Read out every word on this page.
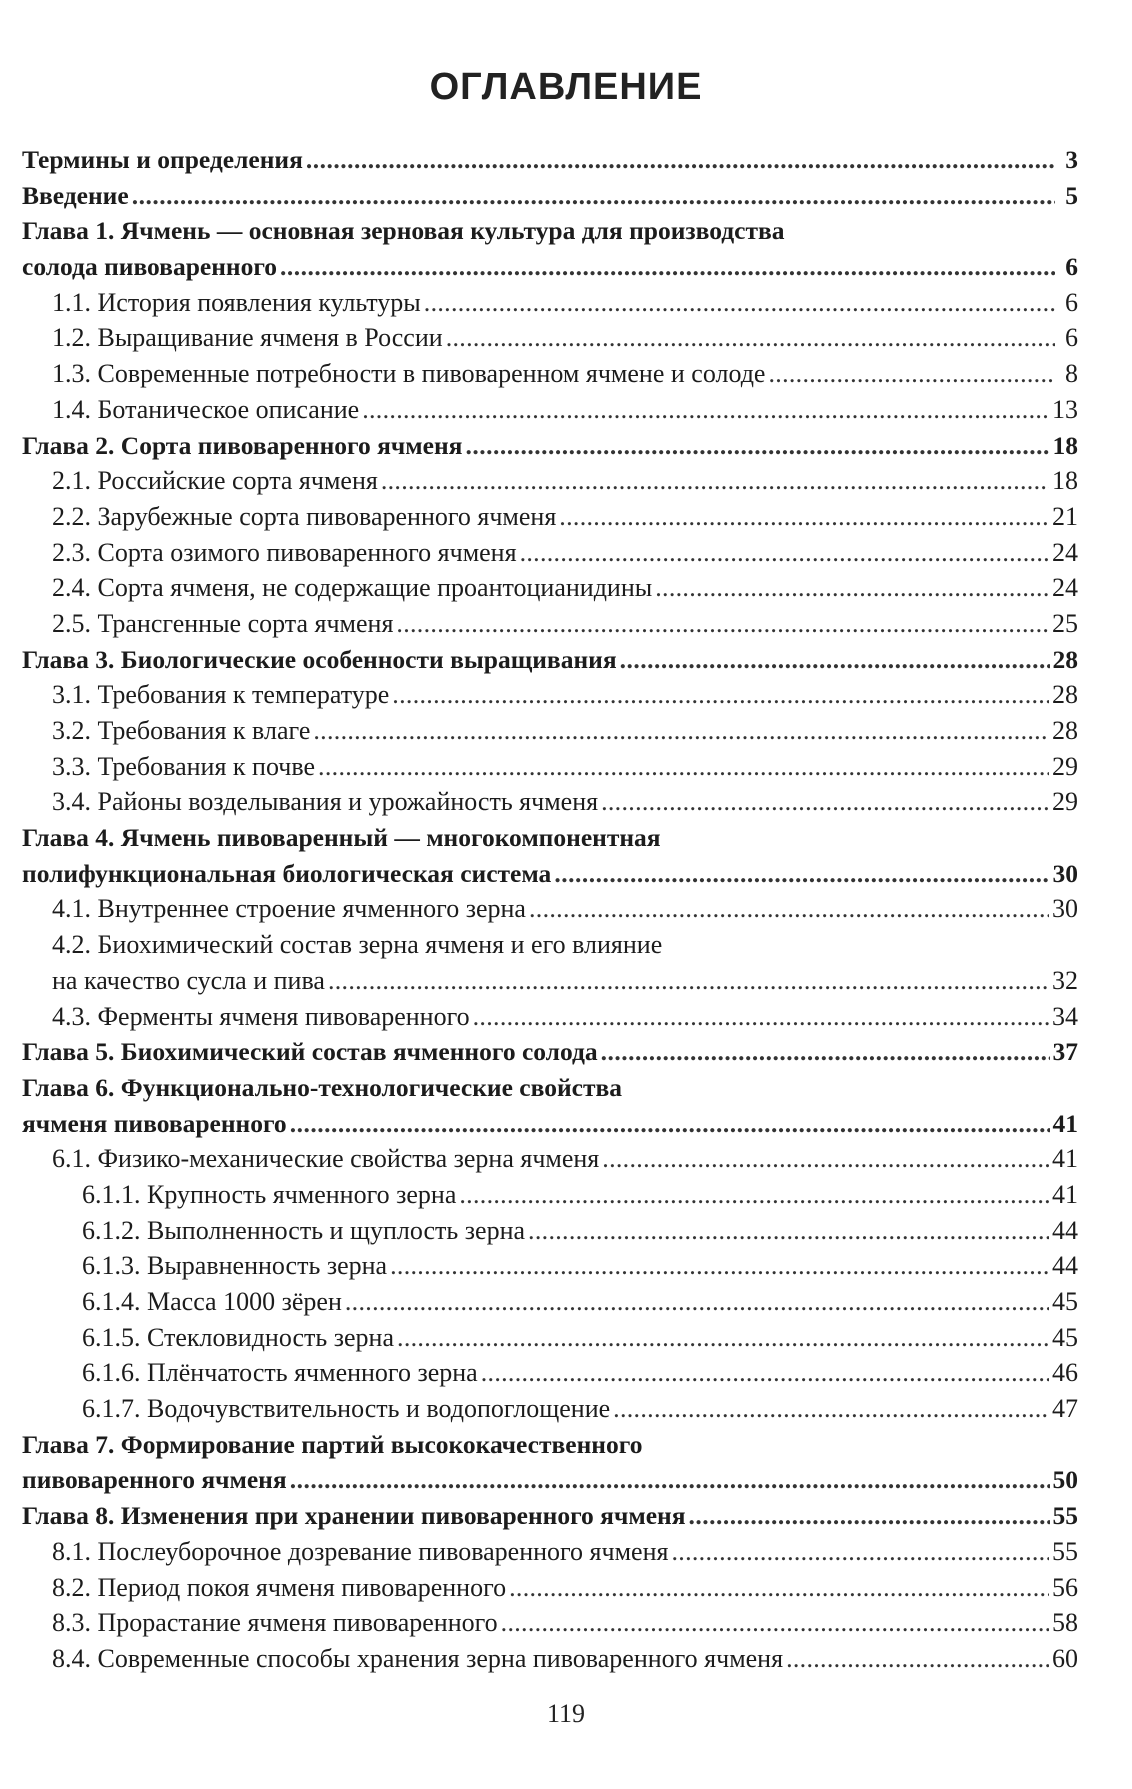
ОГЛАВЛЕНИЕ
Термины и определения .....	3
Введение .....	5
Глава 1. Ячмень — основная зерновая культура для производства
солода пивоваренного .....	6
1.1. История появления культуры .....	6
1.2. Выращивание ячменя в России .....	6
1.3. Современные потребности в пивоваренном ячмене и солоде .....	8
1.4. Ботаническое описание .....	13
Глава 2. Сорта пивоваренного ячменя .....	18
2.1. Российские сорта ячменя .....	18
2.2. Зарубежные сорта пивоваренного ячменя .....	21
2.3. Сорта озимого пивоваренного ячменя .....	24
2.4. Сорта ячменя, не содержащие проантоцианидины .....	24
2.5. Трансгенные сорта ячменя .....	25
Глава 3. Биологические особенности выращивания .....	28
3.1. Требования к температуре .....	28
3.2. Требования к влаге .....	28
3.3. Требования к почве .....	29
3.4. Районы возделывания и урожайность ячменя .....	29
Глава 4. Ячмень пивоваренный — многокомпонентная
полифункциональная биологическая система .....	30
4.1. Внутреннее строение ячменного зерна .....	30
4.2. Биохимический состав зерна ячменя и его влияние
на качество сусла и пива .....	32
4.3. Ферменты ячменя пивоваренного .....	34
Глава 5. Биохимический состав ячменного солода .....	37
Глава 6. Функционально-технологические свойства
ячменя пивоваренного .....	41
6.1. Физико-механические свойства зерна ячменя .....	41
6.1.1. Крупность ячменного зерна .....	41
6.1.2. Выполненность и щуплость зерна .....	44
6.1.3. Выравненность зерна .....	44
6.1.4. Масса 1000 зёрен .....	45
6.1.5. Стекловидность зерна .....	45
6.1.6. Плёнчатость ячменного зерна .....	46
6.1.7. Водочувствительность и водопоглощение .....	47
Глава 7. Формирование партий высококачественного
пивоваренного ячменя .....	50
Глава 8. Изменения при хранении пивоваренного ячменя .....	55
8.1. Послеуборочное дозревание пивоваренного ячменя .....	55
8.2. Период покоя ячменя пивоваренного .....	56
8.3. Прорастание ячменя пивоваренного .....	58
8.4. Современные способы хранения зерна пивоваренного ячменя .....	60
119
